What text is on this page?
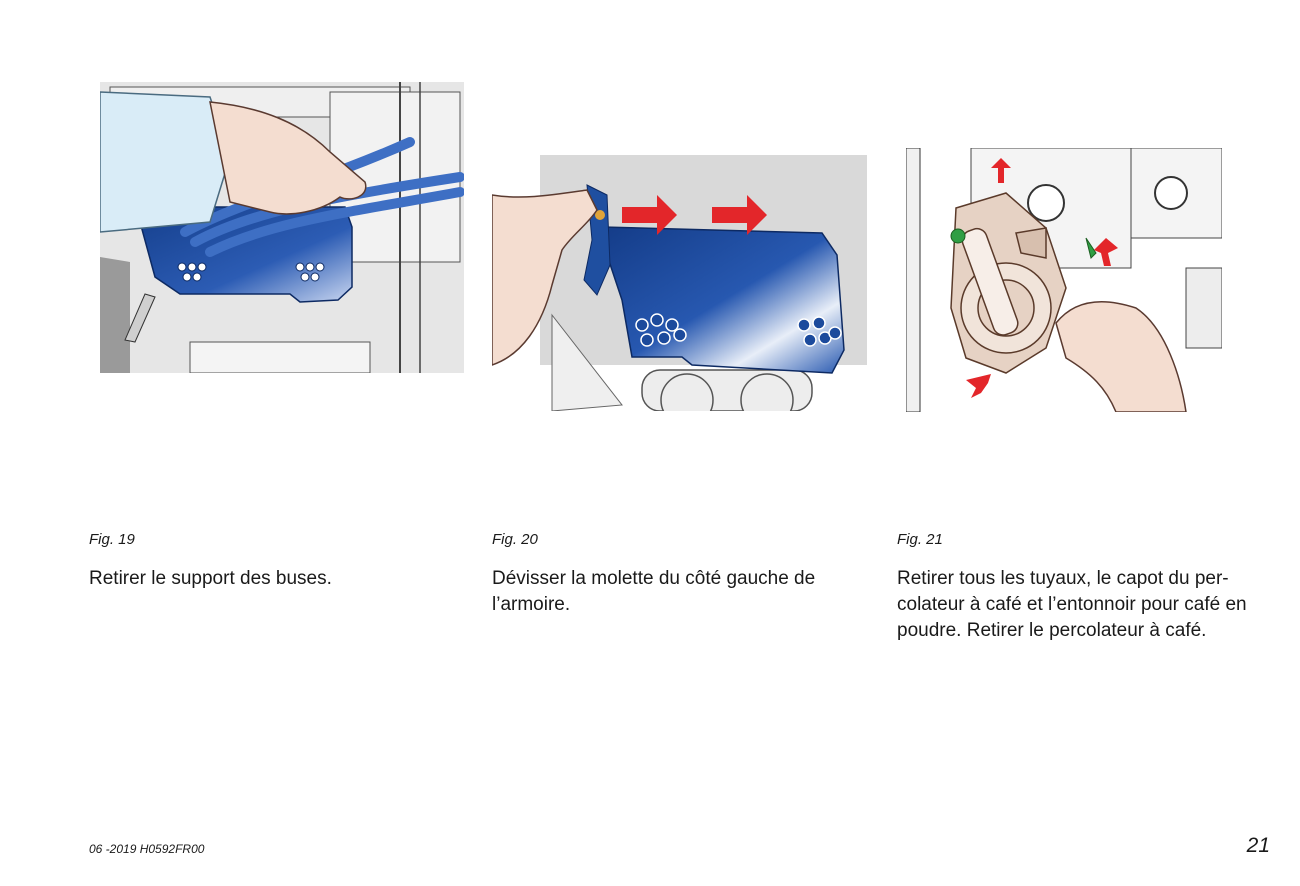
Fig. 19

Retirer le support des buses.

Fig. 20

Dévisser la molette du côté gauche de l’armoire.

Fig. 21

Retirer tous les tuyaux, le capot du per-colateur à café et l’entonnoir pour café en poudre. Retirer le percolateur à café.

06 -2019 H0592FR00	21
